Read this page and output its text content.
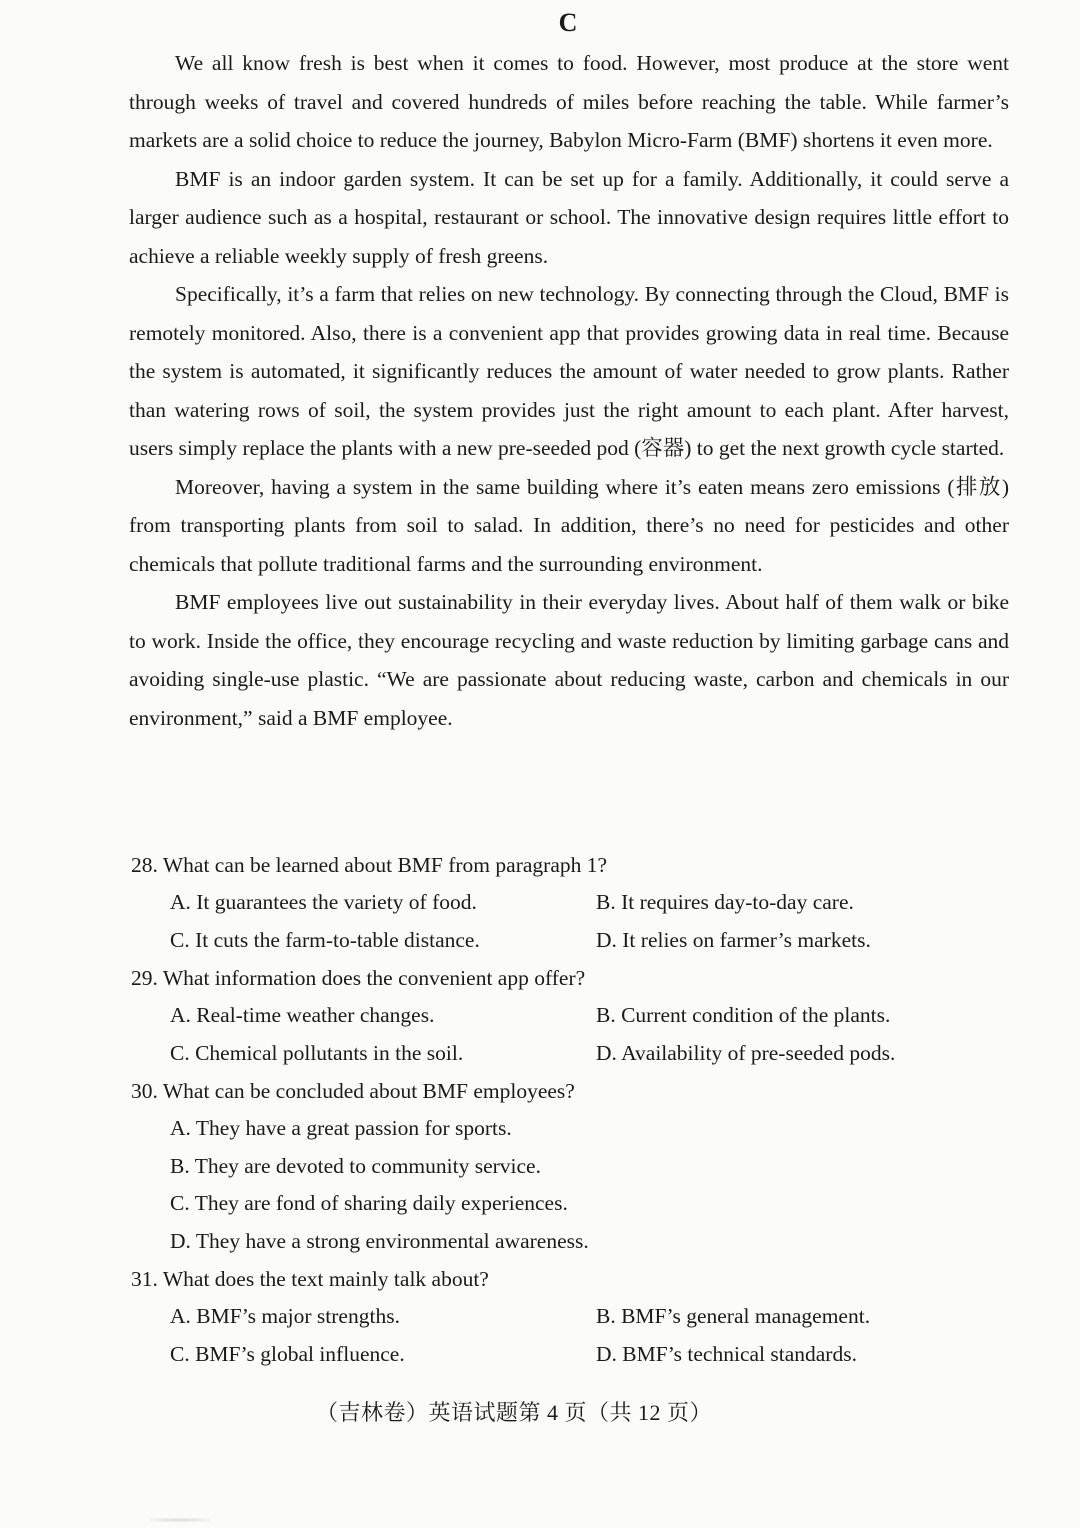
C

We all know fresh is best when it comes to food. However, most produce at the store went through weeks of travel and covered hundreds of miles before reaching the table. While farmer’s markets are a solid choice to reduce the journey, Babylon Micro-Farm (BMF) shortens it even more.

BMF is an indoor garden system. It can be set up for a family. Additionally, it could serve a larger audience such as a hospital, restaurant or school. The innovative design requires little effort to achieve a reliable weekly supply of fresh greens.

Specifically, it’s a farm that relies on new technology. By connecting through the Cloud, BMF is remotely monitored. Also, there is a convenient app that provides growing data in real time. Because the system is automated, it significantly reduces the amount of water needed to grow plants. Rather than watering rows of soil, the system provides just the right amount to each plant. After harvest, users simply replace the plants with a new pre-seeded pod (容器) to get the next growth cycle started.

Moreover, having a system in the same building where it’s eaten means zero emissions (排放) from transporting plants from soil to salad. In addition, there’s no need for pesticides and other chemicals that pollute traditional farms and the surrounding environment.

BMF employees live out sustainability in their everyday lives. About half of them walk or bike to work. Inside the office, they encourage recycling and waste reduction by limiting garbage cans and avoiding single-use plastic. “We are passionate about reducing waste, carbon and chemicals in our environment,” said a BMF employee.

28. What can be learned about BMF from paragraph 1?
A. It guarantees the variety of food.	B. It requires day-to-day care.
C. It cuts the farm-to-table distance.	D. It relies on farmer’s markets.
29. What information does the convenient app offer?
A. Real-time weather changes.	B. Current condition of the plants.
C. Chemical pollutants in the soil.	D. Availability of pre-seeded pods.
30. What can be concluded about BMF employees?
A. They have a great passion for sports.
B. They are devoted to community service.
C. They are fond of sharing daily experiences.
D. They have a strong environmental awareness.
31. What does the text mainly talk about?
A. BMF’s major strengths.	B. BMF’s general management.
C. BMF’s global influence.	D. BMF’s technical standards.
（吉林卷）英语试题第 4 页（共 12 页）
